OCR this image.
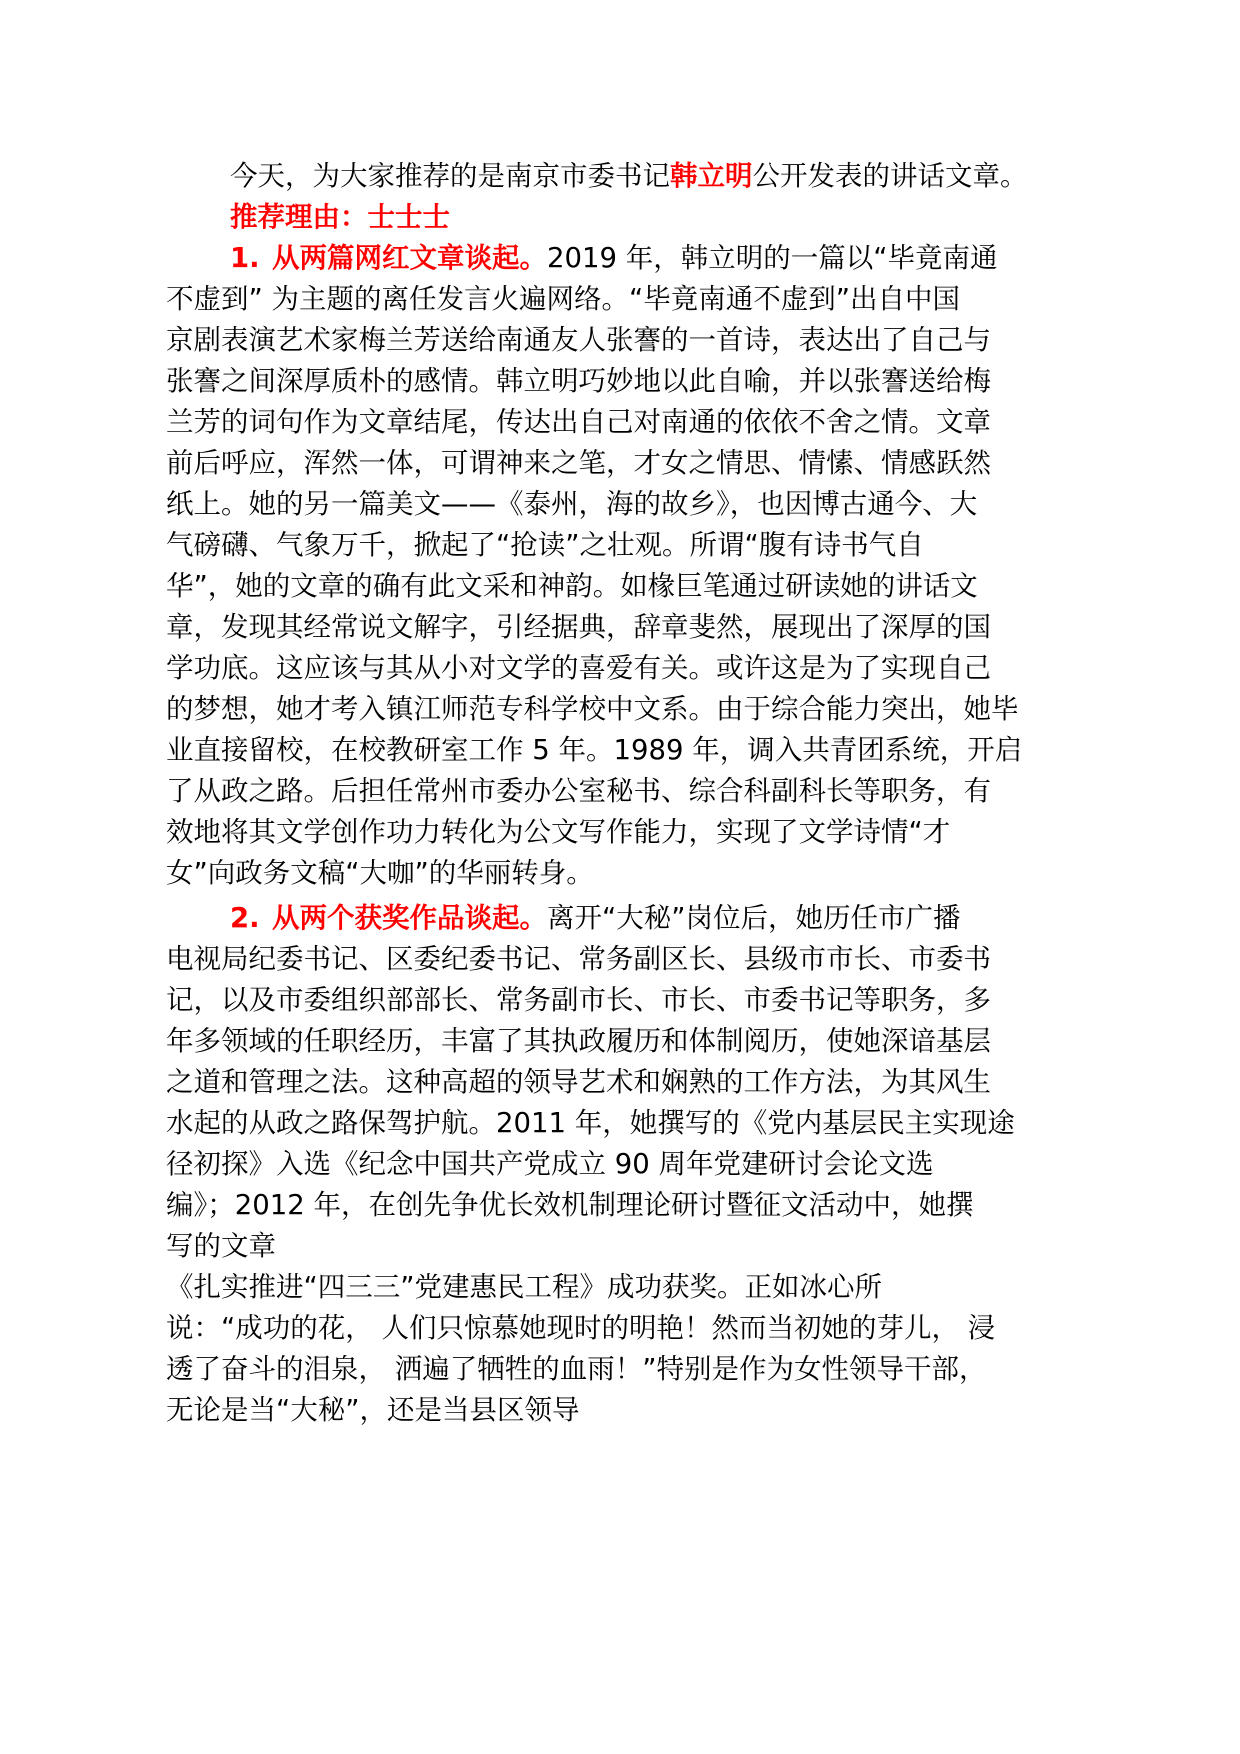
今天，为大家推荐的是南京市委书记韩立明公开发表的讲话文章。
推荐理由：士士士
1. 从两篇网红文章谈起。2019 年，韩立明的一篇以“毕竟南通
不虚到” 为主题的离任发言火遍网络。“毕竟南通不虚到”出自中国
京剧表演艺术家梅兰芳送给南通友人张謇的一首诗，表达出了自己与
张謇之间深厚质朴的感情。韩立明巧妙地以此自喻，并以张謇送给梅
兰芳的词句作为文章结尾，传达出自己对南通的依依不舍之情。文章
前后呼应，浑然一体，可谓神来之笔，才女之情思、情愫、情感跃然
纸上。她的另一篇美文——《泰州，海的故乡》，也因博古通今、大
气磅礴、气象万千，掀起了“抢读”之壮观。所谓“腹有诗书气自
华”，她的文章的确有此文采和神韵。如椽巨笔通过研读她的讲话文
章，发现其经常说文解字，引经据典，辞章斐然，展现出了深厚的国
学功底。这应该与其从小对文学的喜爱有关。或许这是为了实现自己
的梦想，她才考入镇江师范专科学校中文系。由于综合能力突出，她毕
业直接留校，在校教研室工作 5 年。1989 年，调入共青团系统，开启
了从政之路。后担任常州市委办公室秘书、综合科副科长等职务，有
效地将其文学创作功力转化为公文写作能力，实现了文学诗情“才
女”向政务文稿“大咖”的华丽转身。
2. 从两个获奖作品谈起。离开“大秘”岗位后，她历任市广播
电视局纪委书记、区委纪委书记、常务副区长、县级市市长、市委书
记，以及市委组织部部长、常务副市长、市长、市委书记等职务，多
年多领域的任职经历，丰富了其执政履历和体制阅历，使她深谙基层
之道和管理之法。这种高超的领导艺术和娴熟的工作方法，为其风生
水起的从政之路保驾护航。2011 年，她撰写的《党内基层民主实现途
径初探》入选《纪念中国共产党成立 90 周年党建研讨会论文选
编》；2012 年，在创先争优长效机制理论研讨暨征文活动中，她撰
写的文章
《扎实推进“四三三”党建惠民工程》成功获奖。正如冰心所
说：“成功的花， 人们只惊慕她现时的明艳！然而当初她的芽儿， 浸
透了奋斗的泪泉， 洒遍了牺牲的血雨！”特别是作为女性领导干部，
无论是当“大秘”，还是当县区领导
